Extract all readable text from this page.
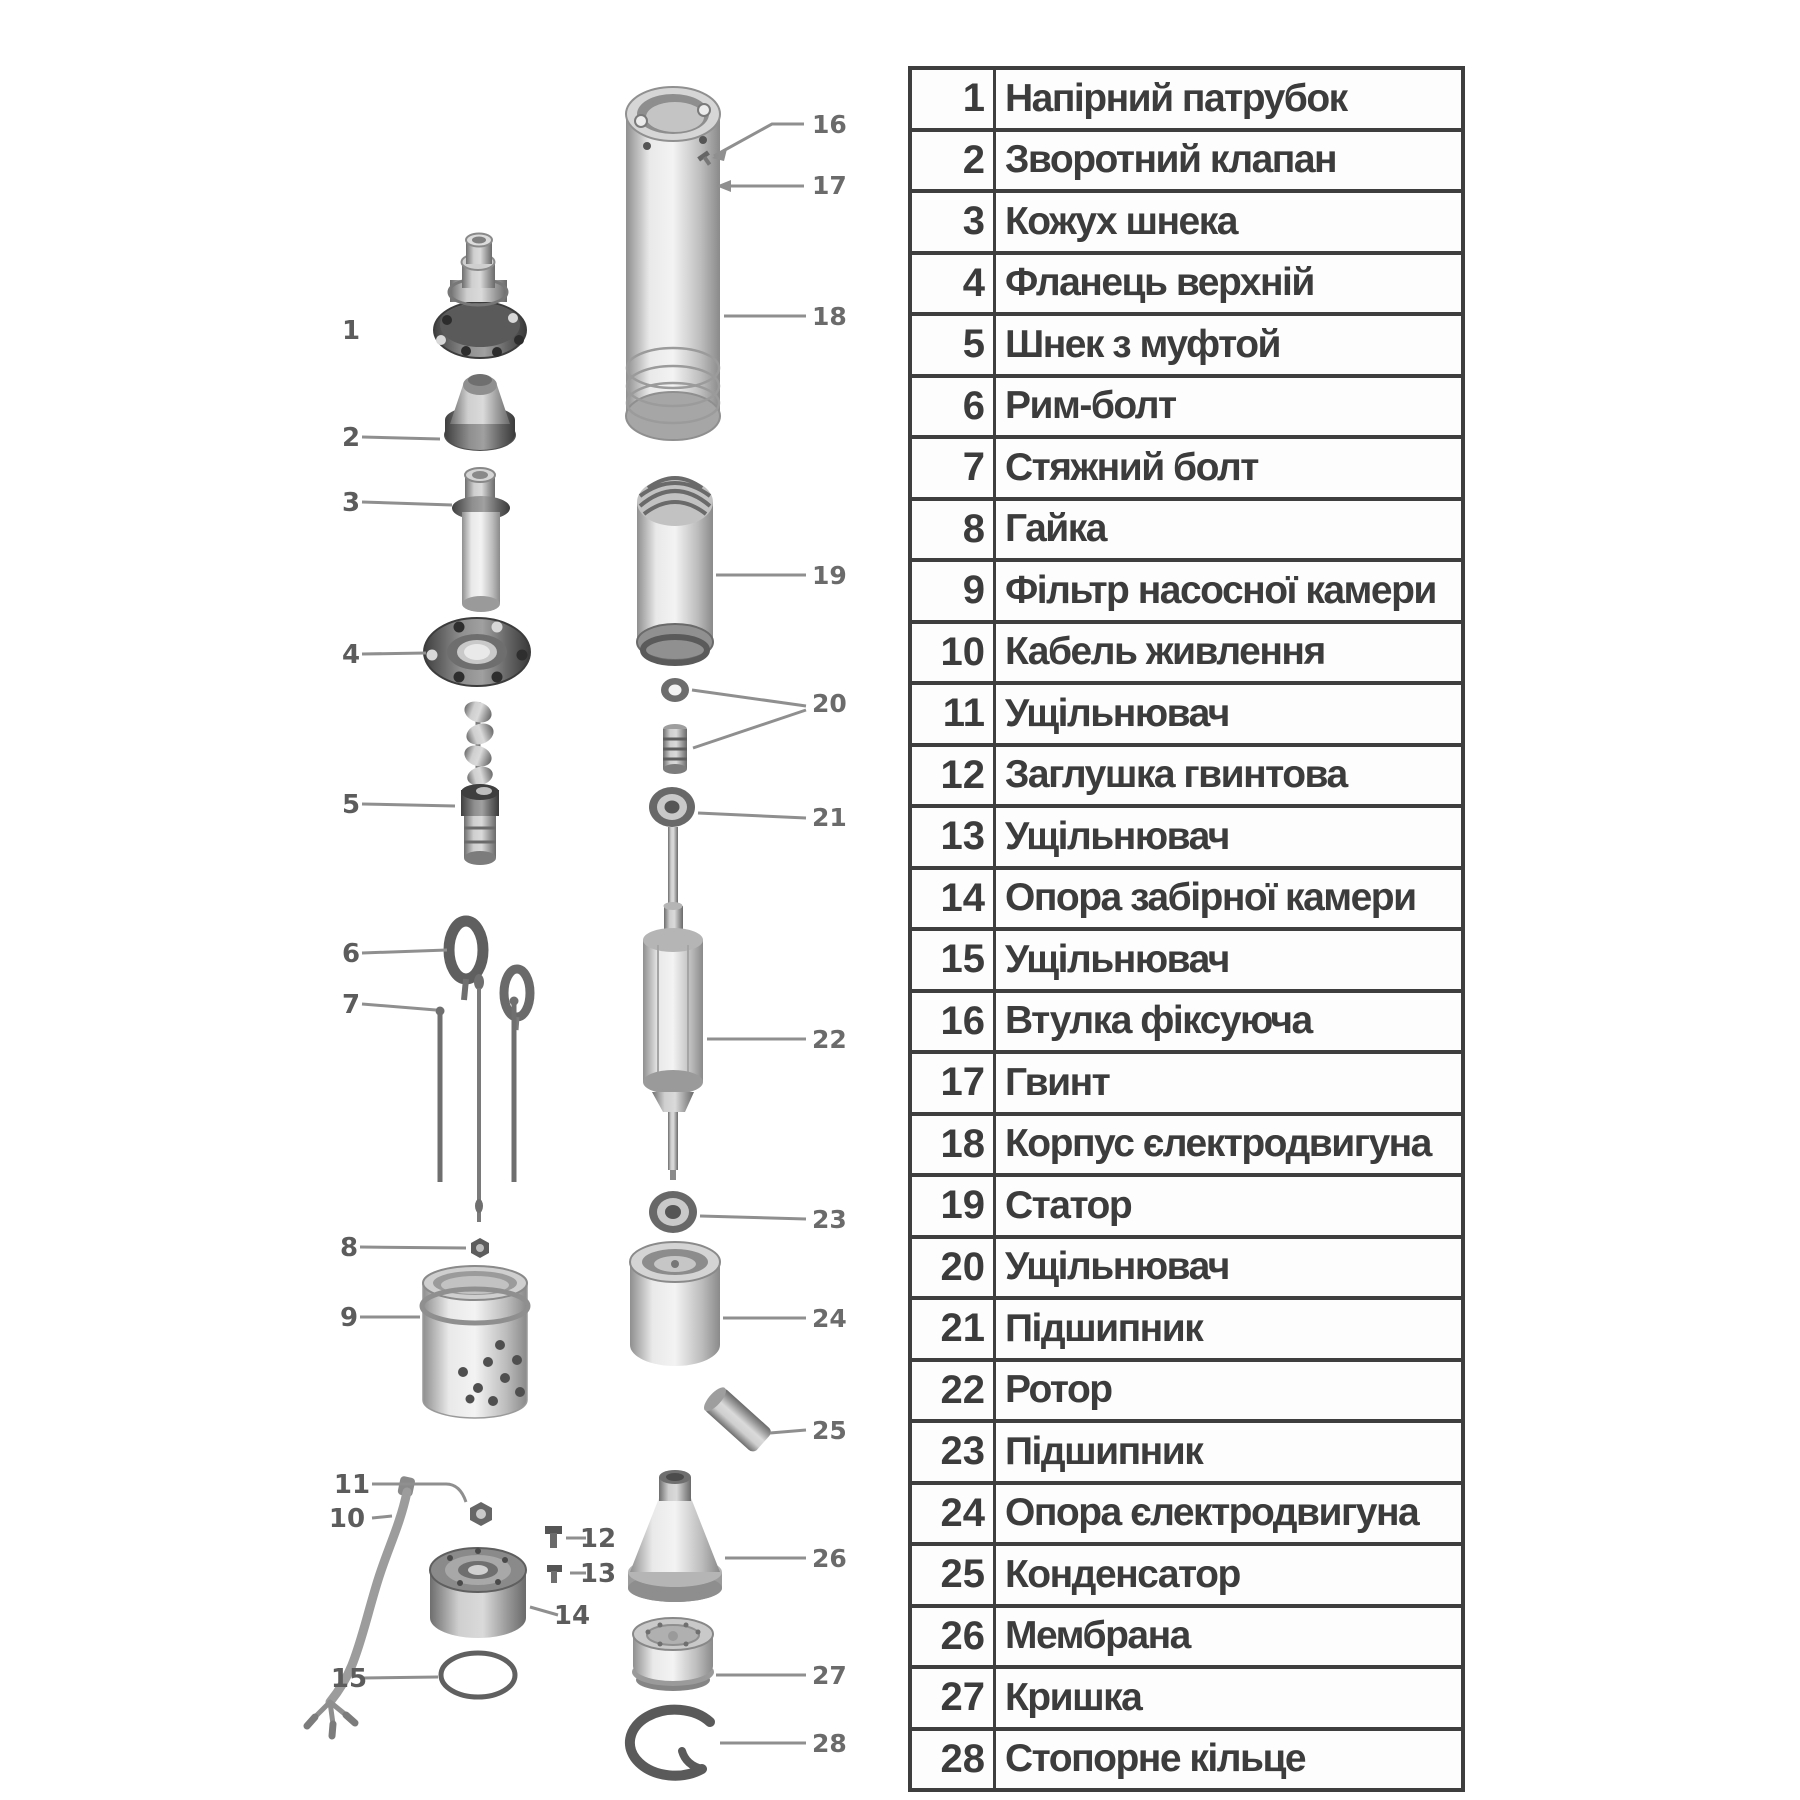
1
2
3
4
5
6
7
8
9
10
11
12
13
14
15
16
17
18
19
20
21
22
23
24
25
26
27
28
1 Напірний патрубок
2 Зворотний клапан
3 Кожух шнека
4 Фланець верхній
5 Шнек з муфтой
6 Рим-болт
7 Стяжний болт
8 Гайка
9 Фільтр насосної камери
10 Кабель живлення
11 Ущільнювач
12 Заглушка гвинтова
13 Ущільнювач
14 Опора забірної камери
15 Ущільнювач
16 Втулка фіксуюча
17 Гвинт
18 Корпус єлектродвигуна
19 Статор
20 Ущільнювач
21 Підшипник
22 Ротор
23 Підшипник
24 Опора єлектродвигуна
25 Конденсатор
26 Мембрана
27 Кришка
28 Стопорне кільце
